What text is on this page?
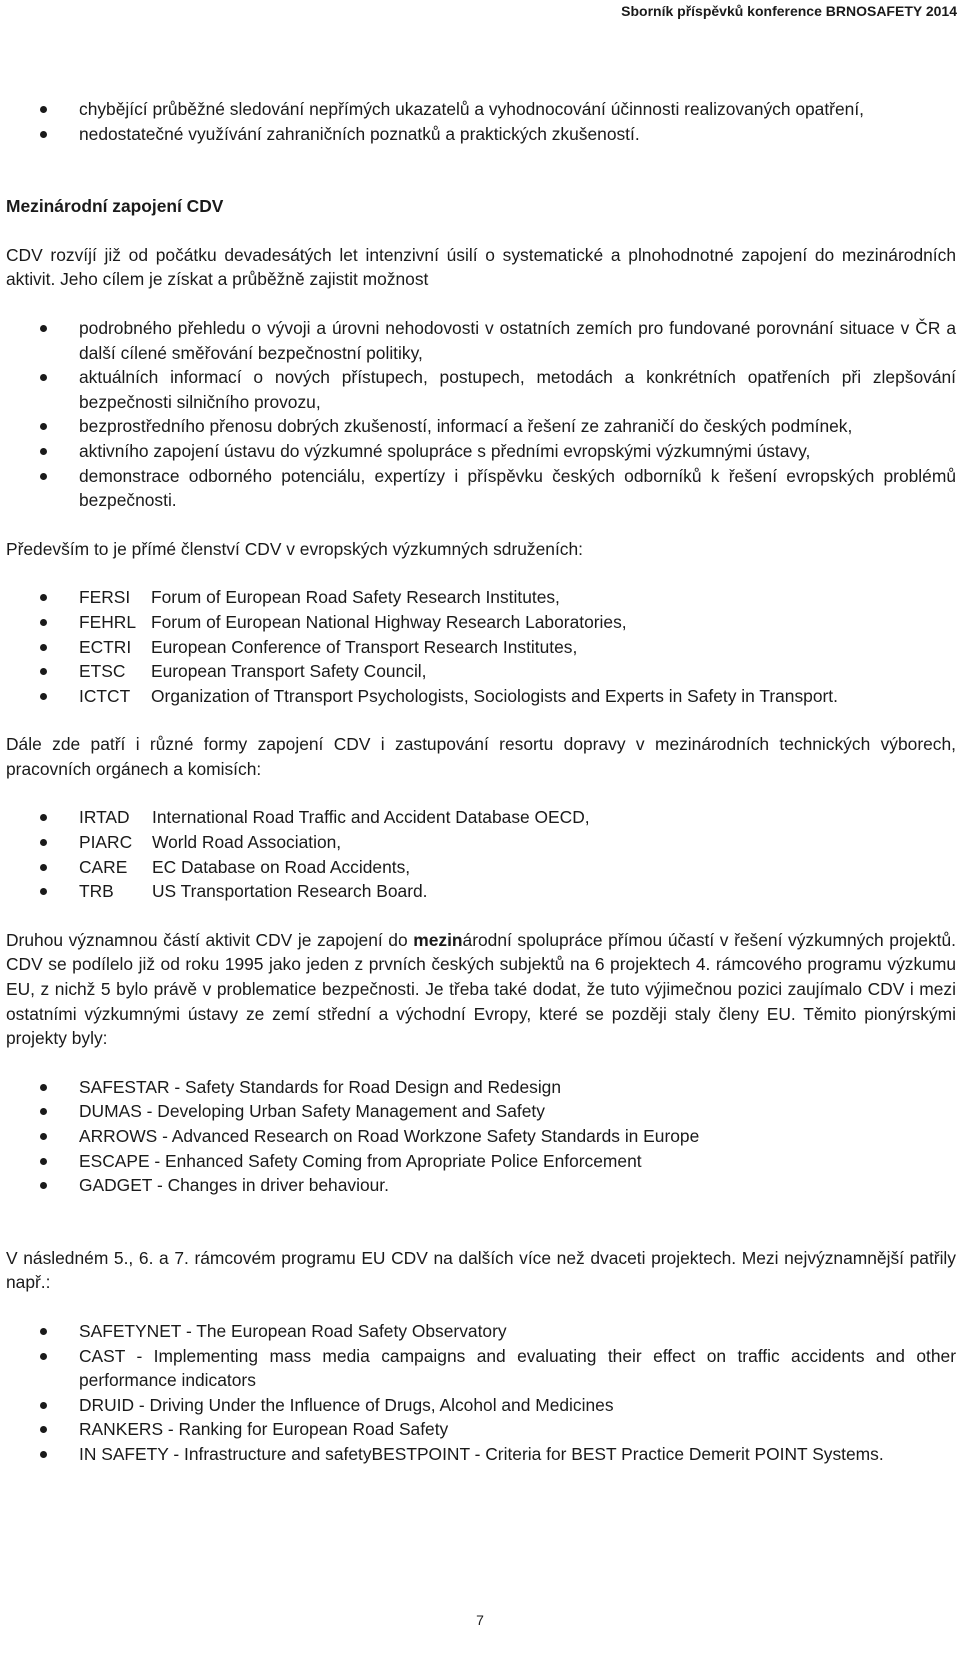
Sborník příspěvků konference BRNOSAFETY 2014
chybějící průběžné sledování nepřímých ukazatelů a vyhodnocování účinnosti realizovaných opatření,
nedostatečné využívání zahraničních poznatků a praktických zkušeností.
Mezinárodní zapojení CDV

CDV rozvíjí již od počátku devadesátých let intenzivní úsilí o systematické a plnohodnotné zapojení do mezinárodních aktivit. Jeho cílem je získat a průběžně zajistit možnost

podrobného přehledu o vývoji a úrovni nehodovosti v ostatních zemích pro fundované porovnání situace v ČR a další cílené směřování bezpečnostní politiky,
aktuálních informací o nových přístupech, postupech, metodách a konkrétních opatřeních při zlepšování bezpečnosti silničního provozu,
bezprostředního přenosu dobrých zkušeností, informací a řešení ze zahraničí do českých podmínek,
aktivního zapojení ústavu do výzkumné spolupráce s předními evropskými výzkumnými ústavy,
demonstrace odborného potenciálu, expertízy i příspěvku českých odborníků k řešení evropských problémů bezpečnosti.

Především to je přímé členství CDV v evropských výzkumných sdruženích:

FERSI Forum of European Road Safety Research Institutes,
FEHRL Forum of European National Highway Research Laboratories,
ECTRI European Conference of Transport Research Institutes,
ETSC European Transport Safety Council,
ICTCT Organization of Ttransport Psychologists, Sociologists and Experts in Safety in Transport.

Dále zde patří i různé formy zapojení CDV i zastupování resortu dopravy v mezinárodních technických výborech, pracovních orgánech a komisích:

IRTAD International Road Traffic and Accident Database OECD,
PIARC World Road Association,
CARE EC Database on Road Accidents,
TRB US Transportation Research Board.

Druhou významnou částí aktivit CDV je zapojení do mezinárodní spolupráce přímou účastí v řešení výzkumných projektů. CDV se podílelo již od roku 1995 jako jeden z prvních českých subjektů na 6 projektech 4. rámcového programu výzkumu EU, z nichž 5 bylo právě v problematice bezpečnosti. Je třeba také dodat, že tuto výjimečnou pozici zaujímalo CDV i mezi ostatními výzkumnými ústavy ze zemí střední a východní Evropy, které se později staly členy EU. Těmito pionýrskými projekty byly:

SAFESTAR - Safety Standards for Road Design and Redesign
DUMAS - Developing Urban Safety Management and Safety
ARROWS - Advanced Research on Road Workzone Safety Standards in Europe
ESCAPE - Enhanced Safety Coming from Apropriate Police Enforcement
GADGET - Changes in driver behaviour.

V následném 5., 6. a 7. rámcovém programu EU CDV na dalších více než dvaceti projektech. Mezi nejvýznamnější patřily např.:

SAFETYNET - The European Road Safety Observatory
CAST - Implementing mass media campaigns and evaluating their effect on traffic accidents and other performance indicators
DRUID - Driving Under the Influence of Drugs, Alcohol and Medicines
RANKERS - Ranking for European Road Safety
IN SAFETY - Infrastructure and safetyBESTPOINT - Criteria for BEST Practice Demerit POINT Systems.
7
